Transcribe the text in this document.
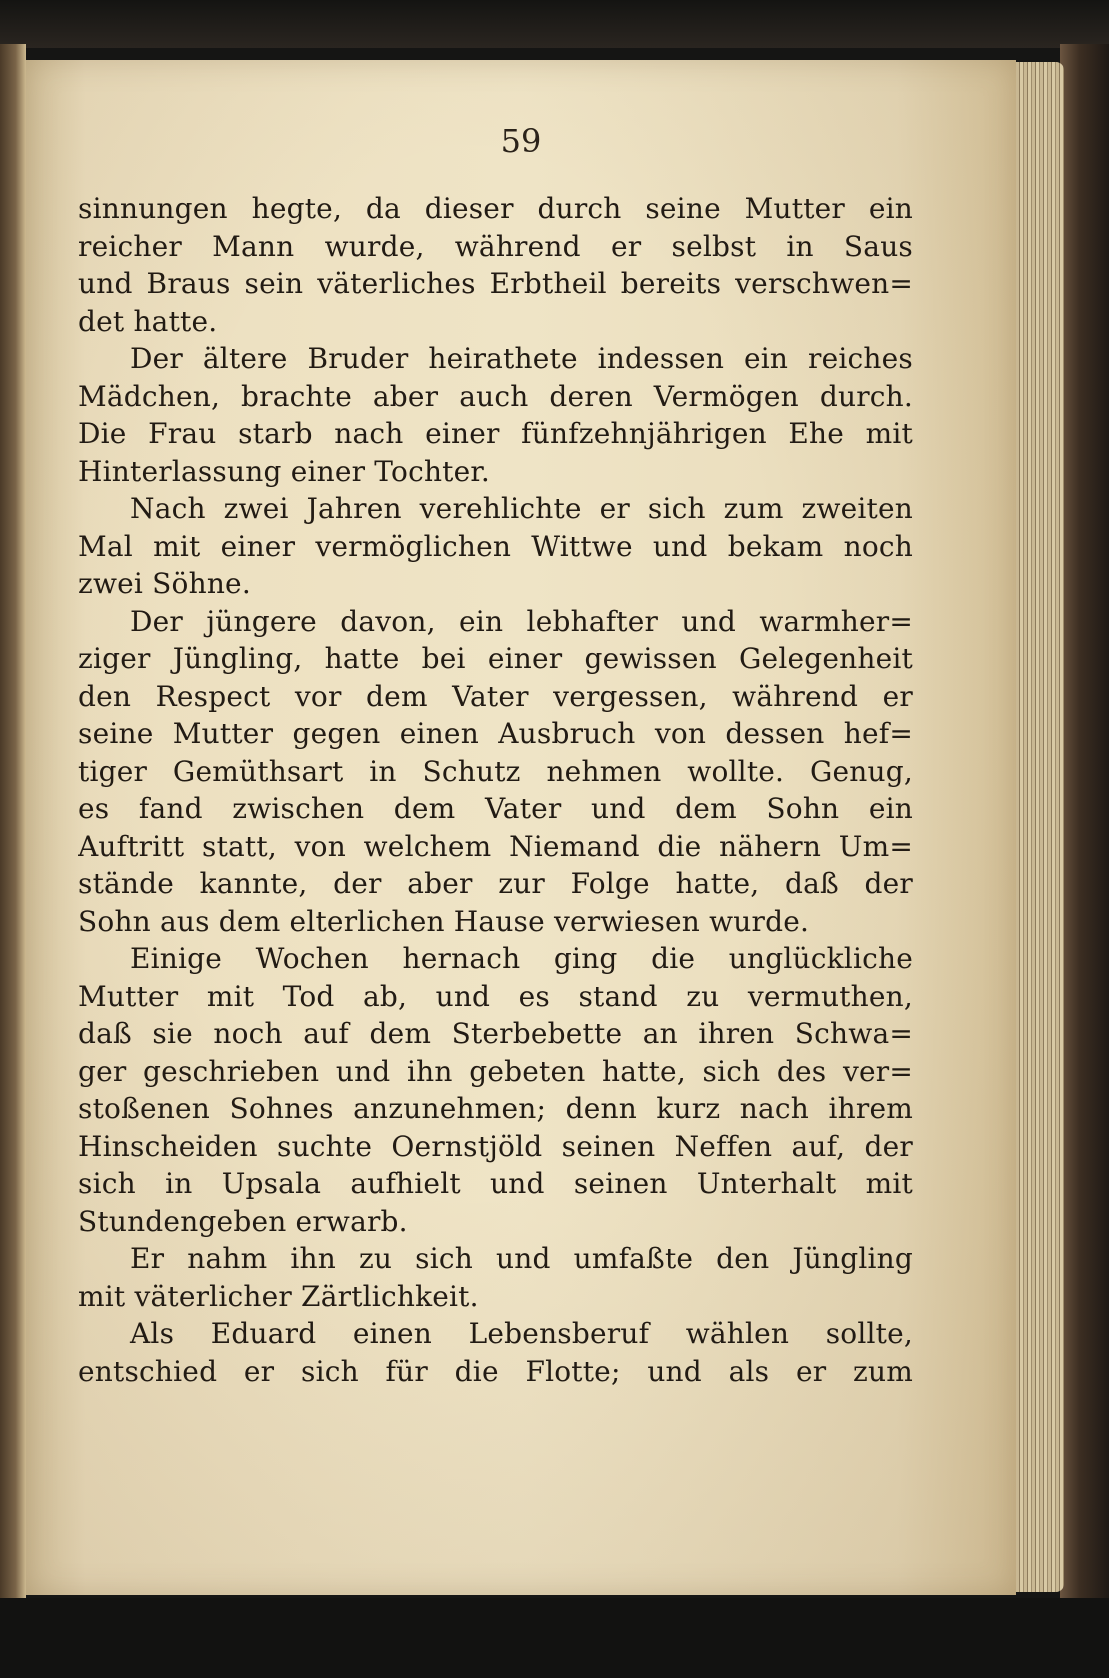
59
sinnungen hegte, da dieser durch seine Mutter ein
reicher Mann wurde, während er selbst in Saus
und Braus sein väterliches Erbtheil bereits verschwen=
det hatte.
Der ältere Bruder heirathete indessen ein reiches
Mädchen, brachte aber auch deren Vermögen durch.
Die Frau starb nach einer fünfzehnjährigen Ehe mit
Hinterlassung einer Tochter.
Nach zwei Jahren verehlichte er sich zum zweiten
Mal mit einer vermöglichen Wittwe und bekam noch
zwei Söhne.
Der jüngere davon, ein lebhafter und warmher=
ziger Jüngling, hatte bei einer gewissen Gelegenheit
den Respect vor dem Vater vergessen, während er
seine Mutter gegen einen Ausbruch von dessen hef=
tiger Gemüthsart in Schutz nehmen wollte. Genug,
es fand zwischen dem Vater und dem Sohn ein
Auftritt statt, von welchem Niemand die nähern Um=
stände kannte, der aber zur Folge hatte, daß der
Sohn aus dem elterlichen Hause verwiesen wurde.
Einige Wochen hernach ging die unglückliche
Mutter mit Tod ab, und es stand zu vermuthen,
daß sie noch auf dem Sterbebette an ihren Schwa=
ger geschrieben und ihn gebeten hatte, sich des ver=
stoßenen Sohnes anzunehmen; denn kurz nach ihrem
Hinscheiden suchte Oernstjöld seinen Neffen auf, der
sich in Upsala aufhielt und seinen Unterhalt mit
Stundengeben erwarb.
Er nahm ihn zu sich und umfaßte den Jüngling
mit väterlicher Zärtlichkeit.
Als Eduard einen Lebensberuf wählen sollte,
entschied er sich für die Flotte; und als er zum
